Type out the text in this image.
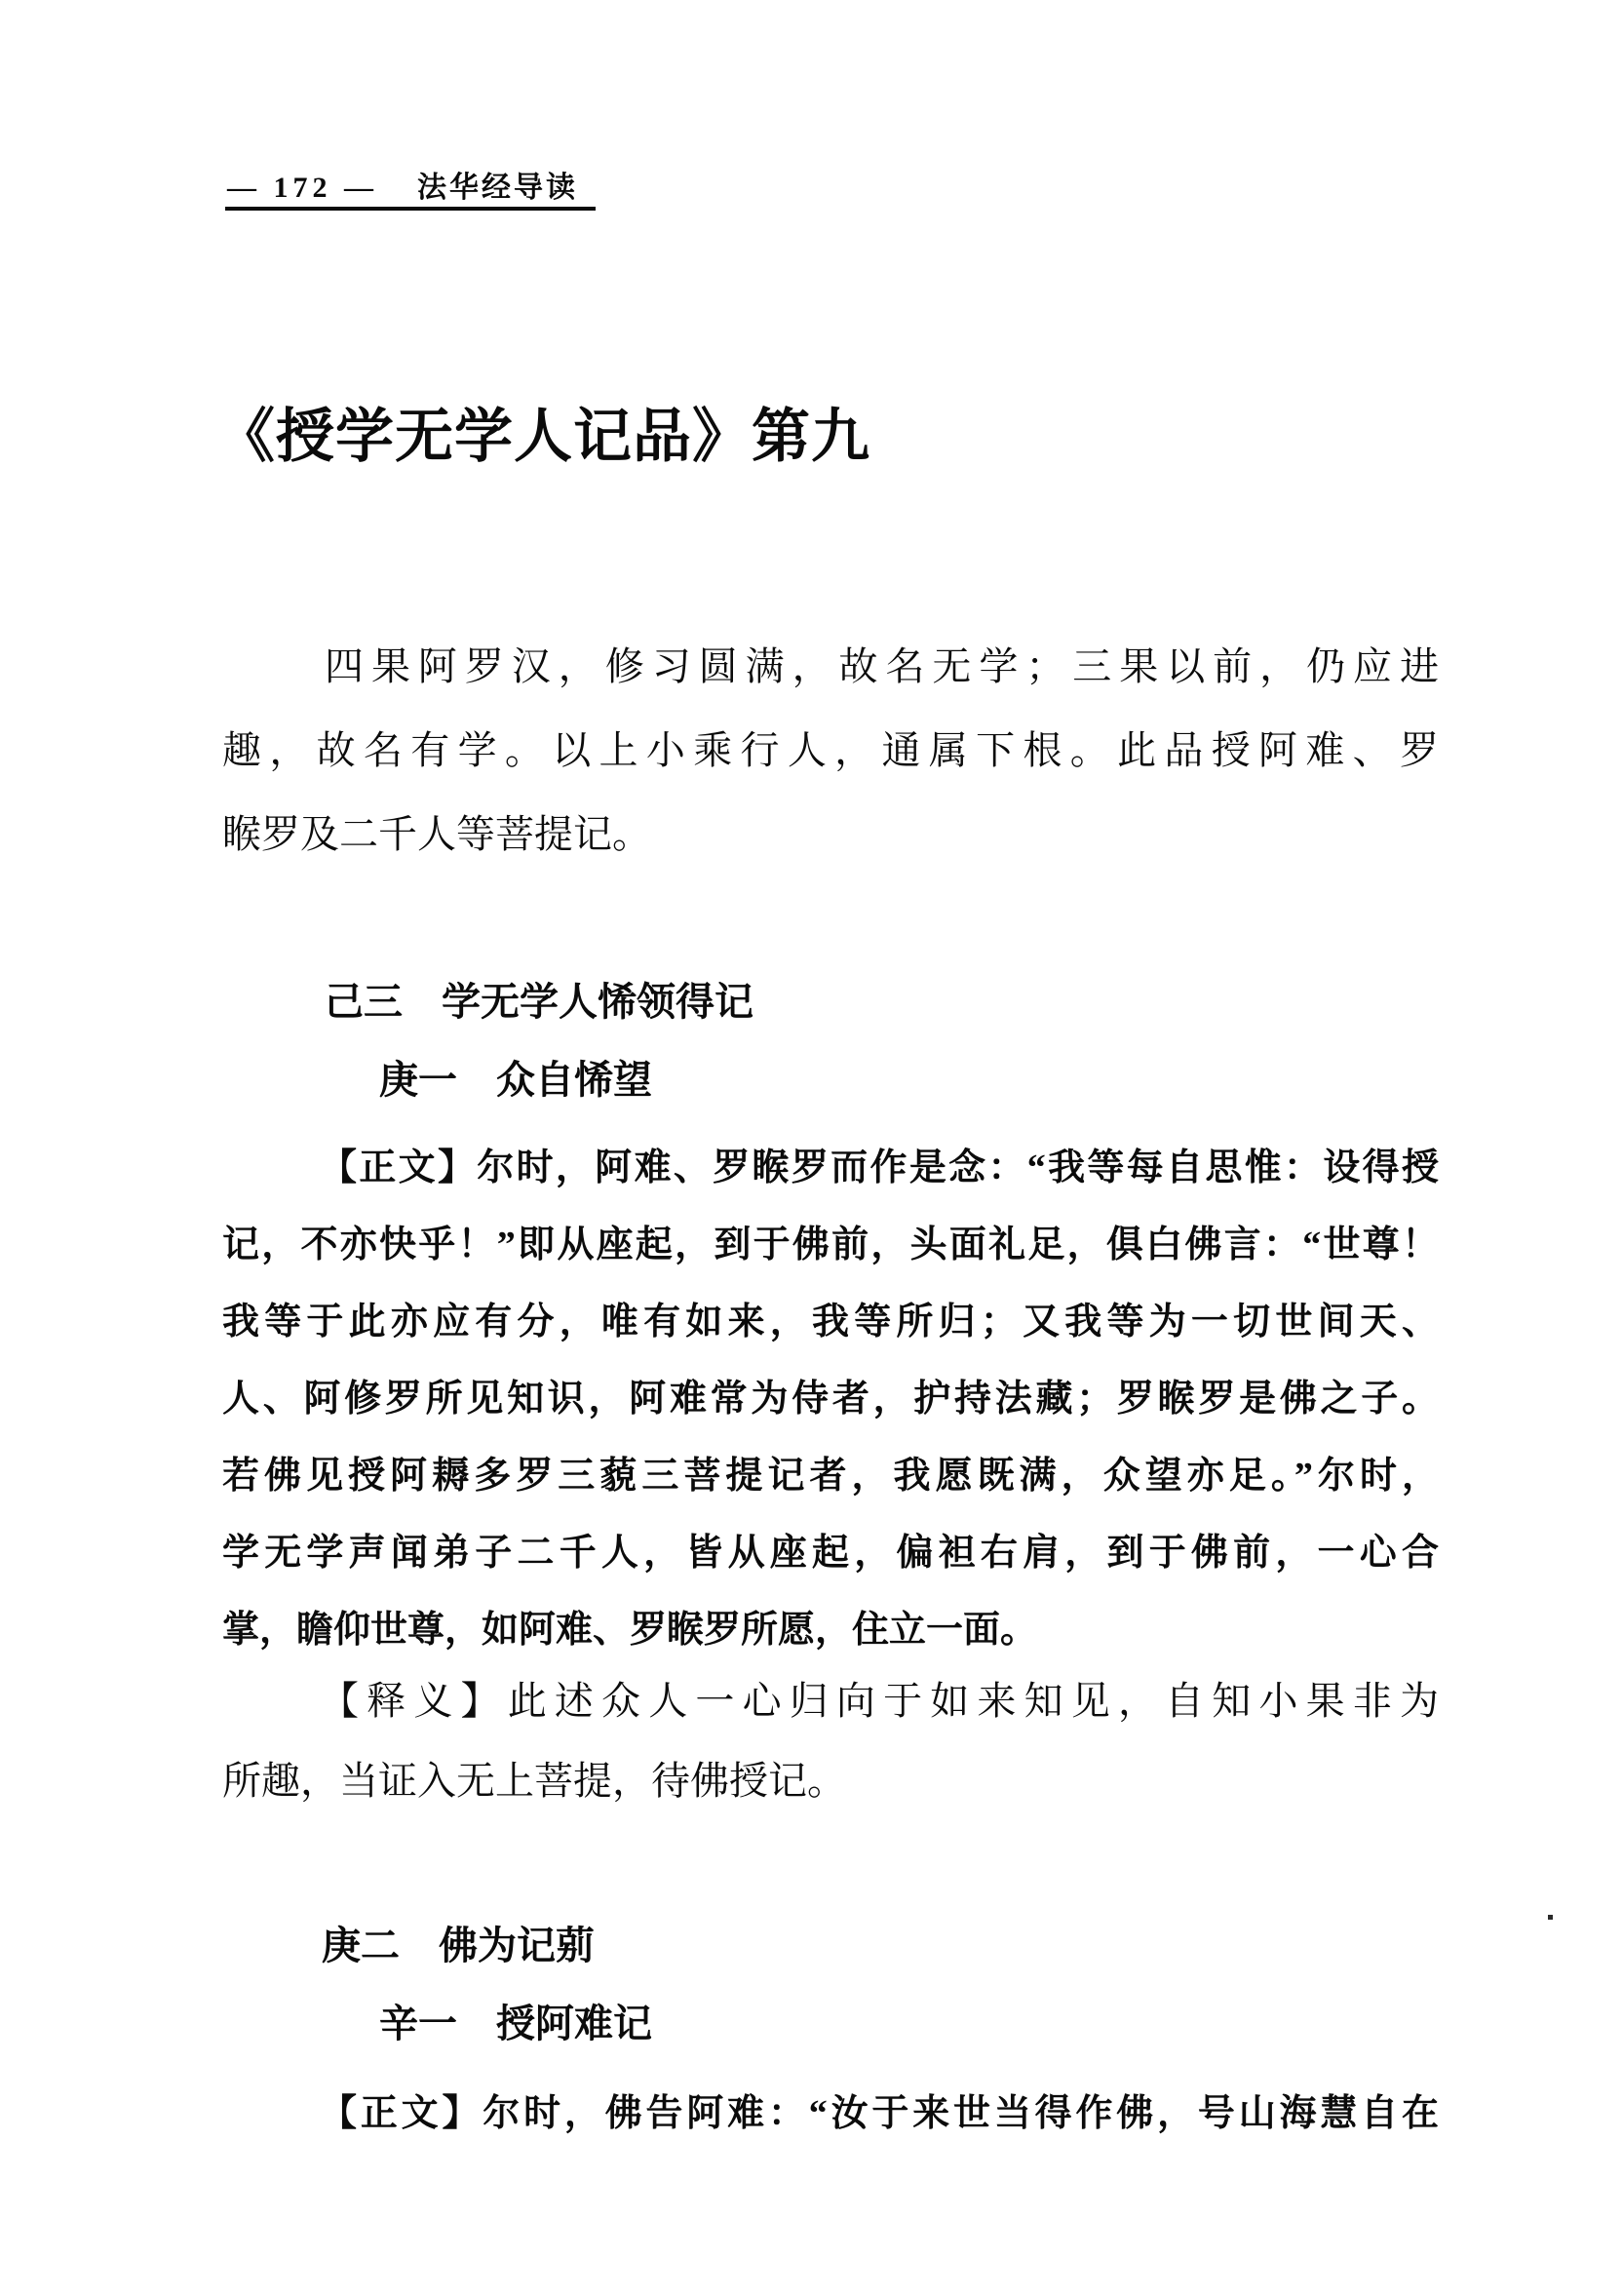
— 172 — 法华经导读
《授学无学人记品》第九
四果阿罗汉，修习圆满，故名无学；三果以前，仍应进
趣，故名有学。以上小乘行人，通属下根。此品授阿难、罗
睺罗及二千人等菩提记。
己三　学无学人悕领得记
庚一　众自悕望
【正文】尔时，阿难、罗睺罗而作是念：“我等每自思惟：设得授
记，不亦快乎！”即从座起，到于佛前，头面礼足，俱白佛言：“世尊！
我等于此亦应有分，唯有如来，我等所归；又我等为一切世间天、
人、阿修罗所见知识，阿难常为侍者，护持法藏；罗睺罗是佛之子。
若佛见授阿耨多罗三藐三菩提记者，我愿既满，众望亦足。”尔时，
学无学声闻弟子二千人，皆从座起，偏袒右肩，到于佛前，一心合
掌，瞻仰世尊，如阿难、罗睺罗所愿，住立一面。
【释义】此述众人一心归向于如来知见，自知小果非为
所趣，当证入无上菩提，待佛授记。
庚二　佛为记莂
辛一　授阿难记
【正文】尔时，佛告阿难：“汝于来世当得作佛，号山海慧自在
